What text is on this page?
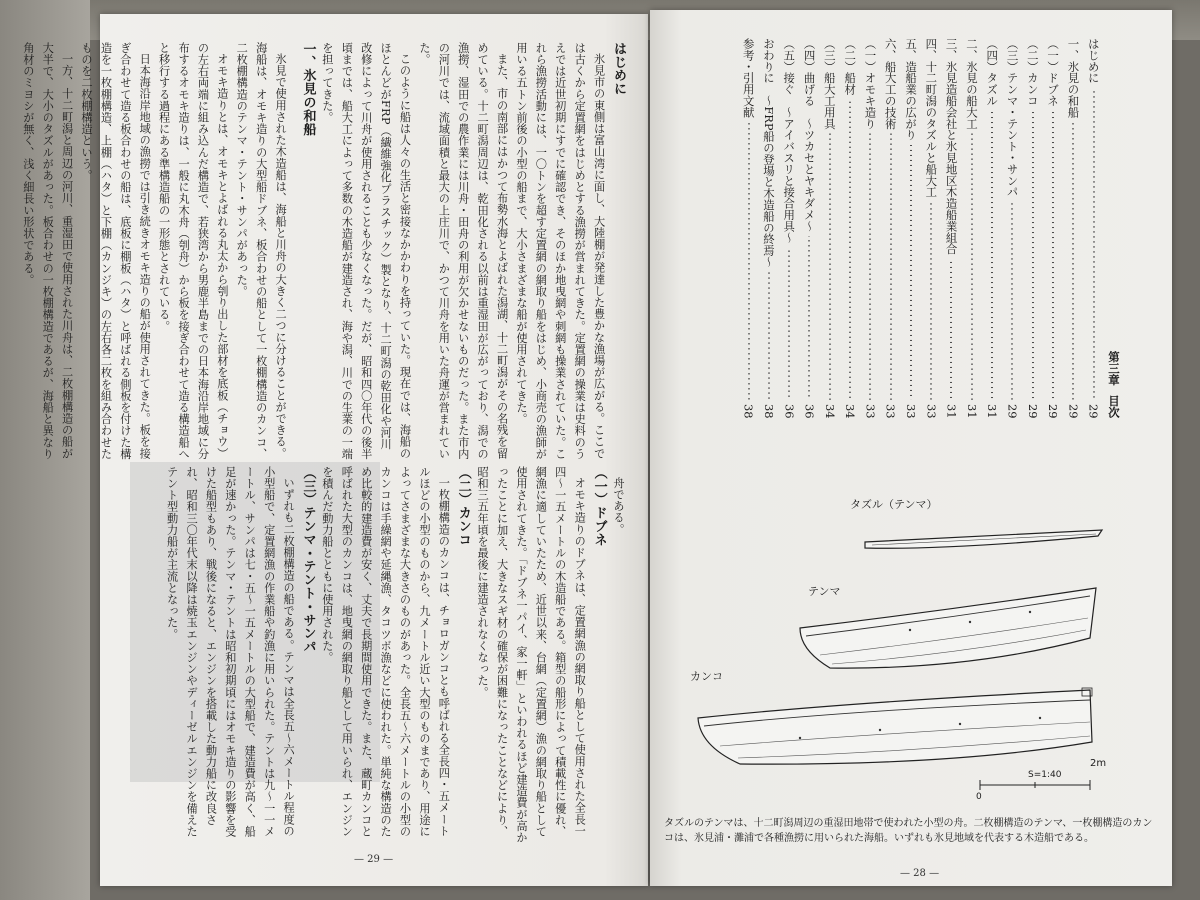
はじめに

氷見市の東側は富山湾に面し、大陸棚が発達した豊かな漁場が広がる。ここでは古くから定置網をはじめとする漁撈が営まれてきた。定置網の操業は史料のうえでは近世初期にすでに確認でき、そのほか地曳網や刺網も操業されていた。これら漁撈活動には、一〇トンを超す定置網の網取り船をはじめ、小商売の漁師が用いる五トン前後の小型の船まで、大小さまざまな船が使用されてきた。

また、市の南部にはかつて布勢水海とよばれた潟湖、十二町潟がその名残を留めている。十二町潟周辺は、乾田化される以前は重湿田が広がっており、潟での漁撈、湿田での農作業には川舟・田舟の利用が欠かせないものだった。また市内の河川では、流域面積と最大の上庄川で、かつて川舟を用いた舟運が営まれていた。

このように船は人々の生活と密接なかかわりを持っていた。現在では、海船のほとんどがFRP（繊維強化プラスチック）製となり、十二町潟の乾田化や河川改修によって川舟が使用されることも少なくなった。だが、昭和四〇年代の後半頃までは、船大工によって多数の木造船が建造され、海や潟、川での生業の一端を担ってきた。

一、氷見の和船

氷見で使用された木造船は、海船と川舟の大きく二つに分けることができる。海船は、オモキ造りの大型船ドブネ、板合わせの船として一枚棚構造のカンコ、二枚棚構造のテンマ・テント・サンパがあった。

オモキ造りとは、オモキとよばれる丸太から刳り出した部材を底板（チョウ）の左右両端に組み込んだ構造で、若狭湾から男鹿半島までの日本海沿岸地域に分布するオモキ造りは、一般に丸木舟（刳舟）から板を接ぎ合わせて造る構造船へと移行する過程にある準構造船の一形態とされている。

日本海沿岸地域の漁撈では引き続きオモキ造りの船が使用されてきた。板を接ぎ合わせて造る板合わせの船は、底板に棚板（ハタ）と呼ばれる側板を付けた構造を一枚棚構造、上棚（ハタ）と下棚（カンジキ）の左右各二枚を組み合わせたものを二枚棚構造という。

一方、十二町潟と周辺の河川、重湿田で使用された川舟は、二枚棚構造の船が大半で、大小のタズルがあった。板合わせの一枚棚構造であるが、海船と異なり角材のミヨシが無く、浅く細長い形状である。

舟である。

（一）ドブネ

オモキ造りのドブネは、定置網漁の網取り船として使用された全長一四〜一五メートルの木造船である。箱型の船形によって積載性に優れ、網漁に適していたため、近世以来、台網（定置網）漁の網取り船として使用されてきた。「ドブネ一パイ、家一軒」といわれるほど建造費が高かったことに加え、大きなスギ材の確保が困難になったことなどにより、昭和三五年頃を最後に建造されなくなった。

（二）カンコ

一枚棚構造のカンコは、チョロガンコとも呼ばれる全長四・五メートルほどの小型のものから、九メートル近い大型のものまであり、用途によってさまざまな大きさのものがあった。全長五〜六メートルの小型のカンコは手繰網や延縄漁、タコツボ漁などに使われた。単純な構造のため比較的建造費が安く、丈夫で長期間使用できた。また、蔵町カンコと呼ばれた大型のカンコは、地曳網の網取り船として用いられ、エンジンを積んだ動力船とともに使用された。

（三）テンマ・テント・サンパ

いずれも二枚棚構造の船である。テンマは全長五〜六メートル程度の小型船で、定置網漁の作業船や釣漁に用いられた。テントは九〜一一メートル、サンパは七・五〜一五メートルの大型船で、建造費が高く、船足が速かった。テンマ・テントは昭和初期頃にはオモキ造りの影響を受けた船型もあり、戦後になると、エンジンを搭載した動力船に改良され、昭和三〇年代末以降は焼玉エンジンやディーゼルエンジンを備えたテント型動力船が主流となった。

— 29 —
第三章
目次
はじめに
29
一、氷見の和船
29
（一）ドブネ
29
（二）カンコ
29
（三）テンマ・テント・サンパ
29
（四）タズル
31
二、氷見の船大工
31
三、氷見造船会社と氷見地区木造船業組合
31
四、十二町潟のタズルと船大工
33
五、造船業の広がり
33
六、船大工の技術
33
（一）オモキ造り
33
（二）船材
34
（三）船大工用具
34
（四）曲げる　〜ツカセとヤキダメ〜
36
（五）接ぐ　〜アイバスリと接合用具〜
36
おわりに　〜FRP船の登場と木造船の終焉〜
38
参考・引用文献
38
タズル（テンマ）
テンマ
カンコ
S=1:40
2m
0
タズルのテンマは、十二町潟周辺の重湿田地帯で使われた小型の舟。二枚棚構造のテンマ、一枚棚構造のカンコは、氷見浦・灘浦で各種漁撈に用いられた海船。いずれも氷見地域を代表する木造船である。
— 28 —
